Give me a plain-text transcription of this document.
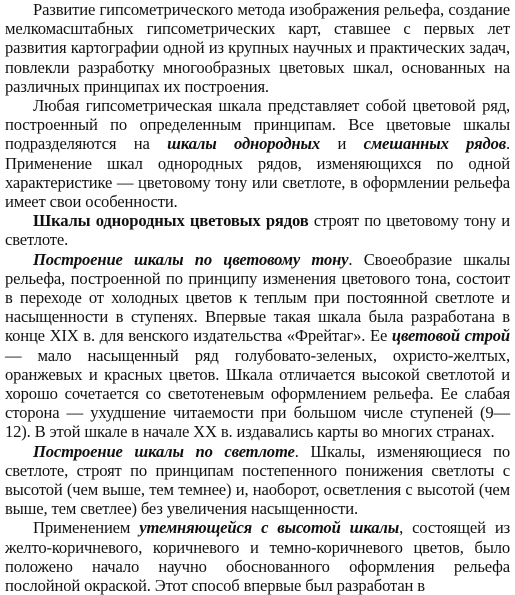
Развитие гипсометрического метода изображения рельефа, создание мелкомасштабных гипсометрических карт, ставшее с первых лет развития картографии одной из крупных научных и практических задач, повлекли разработку многообразных цветовых шкал, основанных на различных принципах их построения.

Любая гипсометрическая шкала представляет собой цветовой ряд, построенный по определенным принципам. Все цветовые шкалы подразделяются на шкалы однородных и смешанных рядов. Применение шкал однородных рядов, изменяющихся по одной характеристике — цветовому тону или светлоте, в оформлении рельефа имеет свои особенности.

Шкалы однородных цветовых рядов строят по цветовому тону и светлоте.

Построение шкалы по цветовому тону. Своеобразие шкалы рельефа, построенной по принципу изменения цветового тона, состоит в переходе от холодных цветов к теплым при постоянной светлоте и насыщенности в ступенях. Впервые такая шкала была разработана в конце XIX в. для венского издательства «Фрейтаг». Ее цветовой строй — мало насыщенный ряд голубовато-зеленых, охристо-желтых, оранжевых и красных цветов. Шкала отличается высокой светлотой и хорошо сочетается со светотеневым оформлением рельефа. Ее слабая сторона — ухудшение читаемости при большом числе ступеней (9—12). В этой шкале в начале XX в. издавались карты во многих странах.

Построение шкалы по светлоте. Шкалы, изменяющиеся по светлоте, строят по принципам постепенного понижения светлоты с высотой (чем выше, тем темнее) и, наоборот, осветления с высотой (чем выше, тем светлее) без увеличения насыщенности.

Применением утемняющейся с высотой шкалы, состоящей из желто-коричневого, коричневого и темно-коричневого цветов, было положено начало научно обоснованного оформления рельефа послойной окраской. Этот способ впервые был разработан в
